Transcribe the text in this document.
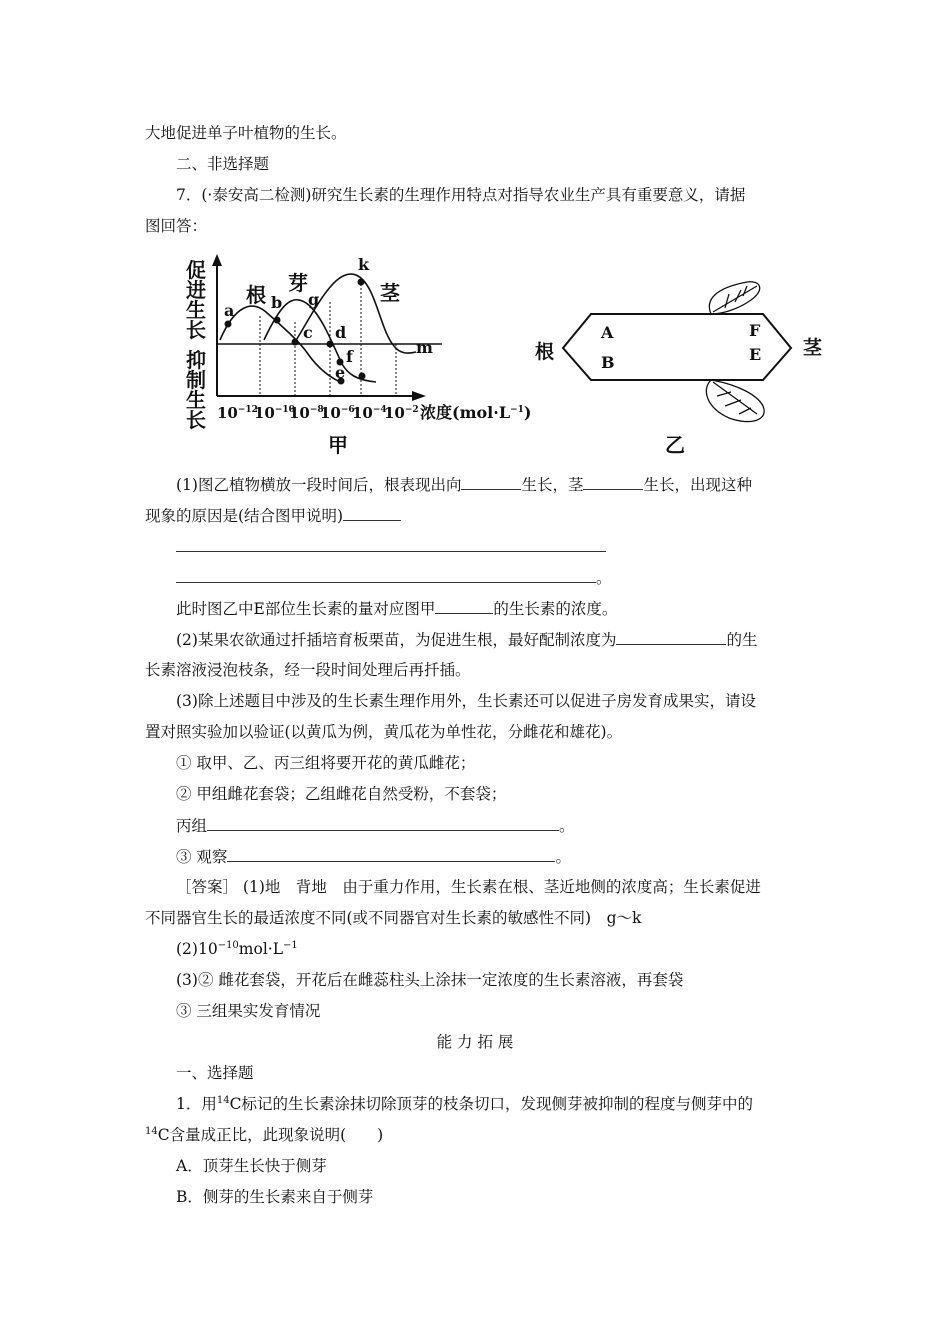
大地促进单子叶植物的生长。
二、非选择题
7．(·泰安高二检测)研究生长素的生理作用特点对指导农业生产具有重要意义，请据
图回答：
促
进
生
长
抑
制
生
长
a b
c d
e
f
g
k
m
根 芽	茎
$10^{-12}$
$10^{-10}$
$10^{-8}$
$10^{-6}$
$10^{-4}$
$10^{-2}$ 浓度$(mol\cdot L^{-1})$
甲
根	茎
A
B
F
E
乙
(1)图乙植物横放一段时间后，根表现出向	生长，茎	生长，出现这种
现象的原因是(结合图甲说明)
。
此时图乙中E部位生长素的量对应图甲	的生长素的浓度。
(2)某果农欲通过扦插培育板栗苗，为促进生根，最好配制浓度为	的生
长素溶液浸泡枝条，经一段时间处理后再扦插。
(3)除上述题目中涉及的生长素生理作用外，生长素还可以促进子房发育成果实，请设
置对照实验加以验证(以黄瓜为例，黄瓜花为单性花，分雌花和雄花)。
① 取甲、乙、丙三组将要开花的黄瓜雌花；
② 甲组雌花套袋；乙组雌花自然受粉，不套袋；
丙组	。
③ 观察	。
［答案］ (1)地　背地　由于重力作用，生长素在根、茎近地侧的浓度高；生长素促进
不同器官生长的最适浓度不同(或不同器官对生长素的敏感性不同)　g～k
$(2)10^{-10}mol\cdot L^{-1}$
(3)② 雌花套袋，开花后在雌蕊柱头上涂抹一定浓度的生长素溶液，再套袋
③ 三组果实发育情况
能 力 拓 展
一、选择题
1．用$^{14}$C标记的生长素涂抹切除顶芽的枝条切口，发现侧芽被抑制的程度与侧芽中的
$^{14}$C含量成正比，此现象说明(　　)
A．顶芽生长快于侧芽
B．侧芽的生长素来自于侧芽
